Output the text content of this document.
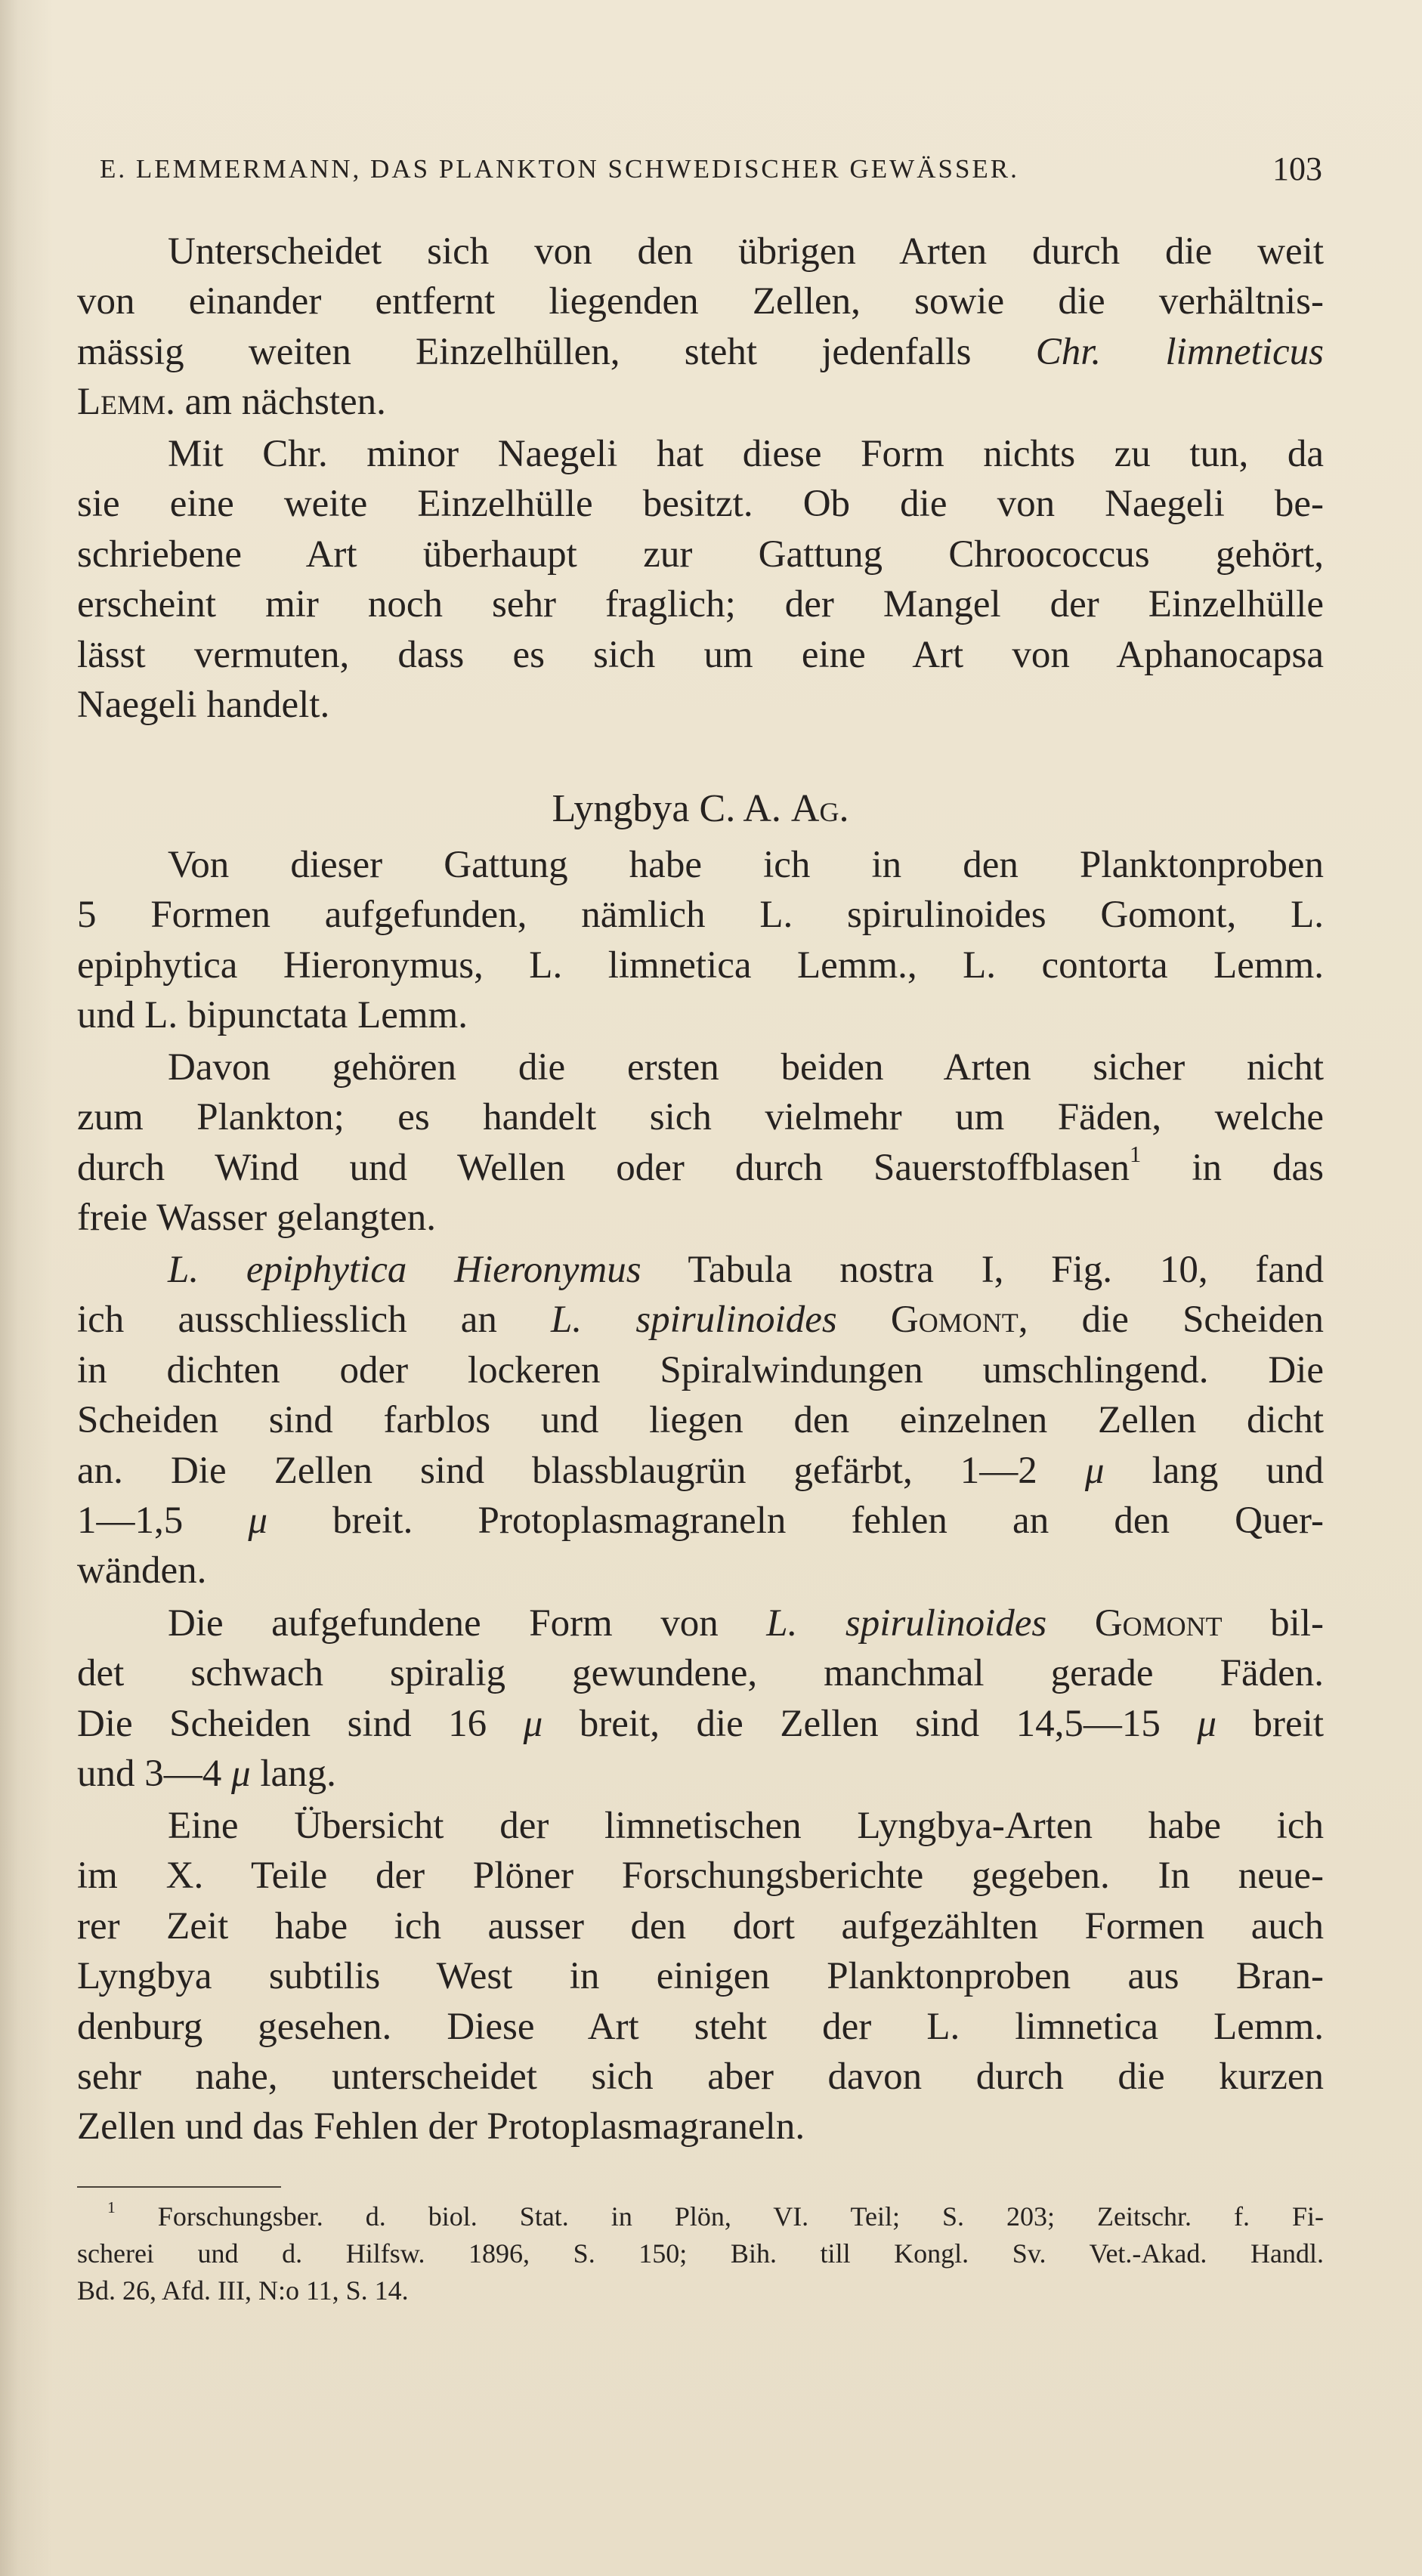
E. LEMMERMANN, DAS PLANKTON SCHWEDISCHER GEWÄSSER.	103
Unterscheidet sich von den übrigen Arten durch die weit
von einander entfernt liegenden Zellen, sowie die verhältnis-
mässig weiten Einzelhüllen, steht jedenfalls Chr. limneticus
Lemm. am nächsten.
Mit Chr. minor Naegeli hat diese Form nichts zu tun, da
sie eine weite Einzelhülle besitzt. Ob die von Naegeli be-
schriebene Art überhaupt zur Gattung Chroococcus gehört,
erscheint mir noch sehr fraglich; der Mangel der Einzelhülle
lässt vermuten, dass es sich um eine Art von Aphanocapsa
Naegeli handelt.
Lyngbya C. A. Ag.
Von dieser Gattung habe ich in den Planktonproben
5 Formen aufgefunden, nämlich L. spirulinoides Gomont, L.
epiphytica Hieronymus, L. limnetica Lemm., L. contorta Lemm.
und L. bipunctata Lemm.
Davon gehören die ersten beiden Arten sicher nicht
zum Plankton; es handelt sich vielmehr um Fäden, welche
durch Wind und Wellen oder durch Sauerstoffblasen$^1$ in das
freie Wasser gelangten.
L. epiphytica Hieronymus Tabula nostra I, Fig. 10, fand
ich ausschliesslich an L. spirulinoides Gomont, die Scheiden
in dichten oder lockeren Spiralwindungen umschlingend. Die
Scheiden sind farblos und liegen den einzelnen Zellen dicht
an. Die Zellen sind blassblaugrün gefärbt, 1—2 μ lang und
1—1,5 μ breit. Protoplasmagraneln fehlen an den Quer-
wänden.
Die aufgefundene Form von L. spirulinoides Gomont bil-
det schwach spiralig gewundene, manchmal gerade Fäden.
Die Scheiden sind 16 μ breit, die Zellen sind 14,5—15 μ breit
und 3—4 μ lang.
Eine Übersicht der limnetischen Lyngbya-Arten habe ich
im X. Teile der Plöner Forschungsberichte gegeben. In neue-
rer Zeit habe ich ausser den dort aufgezählten Formen auch
Lyngbya subtilis West in einigen Planktonproben aus Bran-
denburg gesehen. Diese Art steht der L. limnetica Lemm.
sehr nahe, unterscheidet sich aber davon durch die kurzen
Zellen und das Fehlen der Protoplasmagraneln.
$^1$ Forschungsber. d. biol. Stat. in Plön, VI. Teil; S. 203; Zeitschr. f. Fi-
scherei und d. Hilfsw. 1896, S. 150; Bih. till Kongl. Sv. Vet.-Akad. Handl.
Bd. 26, Afd. III, N:o 11, S. 14.
